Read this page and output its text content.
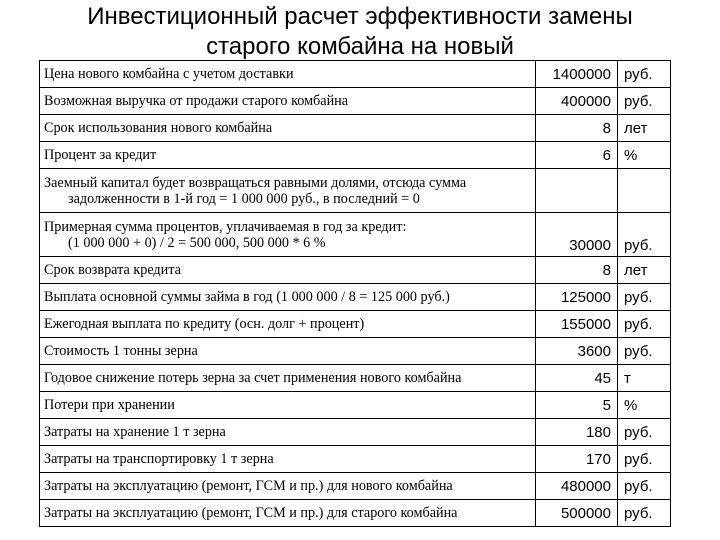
Инвестиционный расчет эффективности замены
старого комбайна на новый
Цена нового комбайна с учетом доставки	1400000	руб.
Возможная выручка от продажи старого комбайна	400000	руб.
Срок использования нового комбайна	8	лет
Процент за кредит	6	%
Заемный капитал будет возвращаться равными долями, отсюда сумма
задолженности в 1-й год = 1 000 000 руб., в последний = 0		

Примерная сумма процентов, уплачиваемая в год за кредит:
(1 000 000 + 0) / 2 = 500 000, 500 000 * 6 %	30000	руб.
Срок возврата кредита	8	лет
Выплата основной суммы займа в год (1 000 000 / 8 = 125 000 руб.)	125000	руб.
Ежегодная выплата по кредиту (осн. долг + процент)	155000	руб.
Стоимость 1 тонны зерна	3600	руб.
Годовое снижение потерь зерна за счет применения нового комбайна	45	т
Потери при хранении	5	%
Затраты на хранение 1 т зерна	180	руб.
Затраты на транспортировку 1 т зерна	170	руб.
Затраты на эксплуатацию (ремонт, ГСМ и пр.) для нового комбайна	480000	руб.
Затраты на эксплуатацию (ремонт, ГСМ и пр.) для старого комбайна	500000	руб.
